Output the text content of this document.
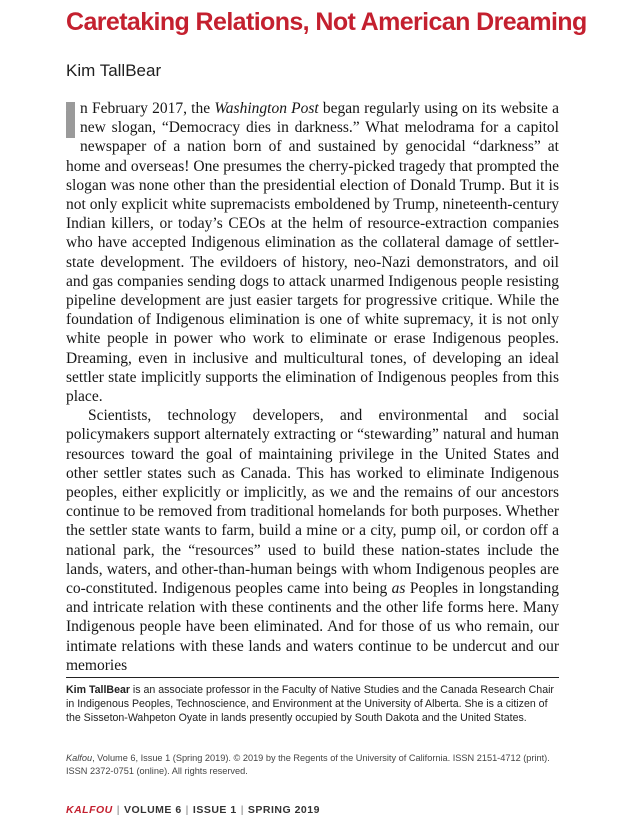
Caretaking Relations, Not American Dreaming
Kim TallBear

I n February 2017, the Washington Post began regularly using on its website a new slogan, “Democracy dies in darkness.” What melodrama for a capitol newspaper of a nation born of and sustained by genocidal “darkness” at home and overseas! One presumes the cherry-picked tragedy that prompted the slogan was none other than the presidential election of Donald Trump. But it is not only explicit white supremacists emboldened by Trump, nineteenth-century Indian killers, or today’s CEOs at the helm of resource-extraction companies who have accepted Indigenous elimination as the collateral damage of settler-state development. The evildoers of history, neo-Nazi demonstrators, and oil and gas companies sending dogs to attack unarmed Indigenous people resisting pipeline development are just easier targets for progressive critique. While the foundation of Indigenous elimination is one of white supremacy, it is not only white people in power who work to eliminate or erase Indigenous peoples. Dreaming, even in inclusive and multicultural tones, of developing an ideal settler state implicitly supports the elimination of Indigenous peoples from this place.

Scientists, technology developers, and environmental and social policymakers support alternately extracting or “stewarding” natural and human resources toward the goal of maintaining privilege in the United States and other settler states such as Canada. This has worked to eliminate Indigenous peoples, either explicitly or implicitly, as we and the remains of our ancestors continue to be removed from traditional homelands for both purposes. Whether the settler state wants to farm, build a mine or a city, pump oil, or cordon off a national park, the “resources” used to build these nation-states include the lands, waters, and other-than-human beings with whom Indigenous peoples are co-constituted. Indigenous peoples came into being as Peoples in longstanding and intricate relation with these continents and the other life forms here. Many Indigenous people have been eliminated. And for those of us who remain, our intimate relations with these lands and waters continue to be undercut and our memories

Kim TallBear is an associate professor in the Faculty of Native Studies and the Canada Research Chair in Indigenous Peoples, Technoscience, and Environment at the University of Alberta. She is a citizen of the Sisseton-Wahpeton Oyate in lands presently occupied by South Dakota and the United States.

Kalfou, Volume 6, Issue 1 (Spring 2019). © 2019 by the Regents of the University of California. ISSN 2151-4712 (print). ISSN 2372-0751 (online). All rights reserved.

KALFOU | VOLUME 6 | ISSUE 1 | SPRING 2019
